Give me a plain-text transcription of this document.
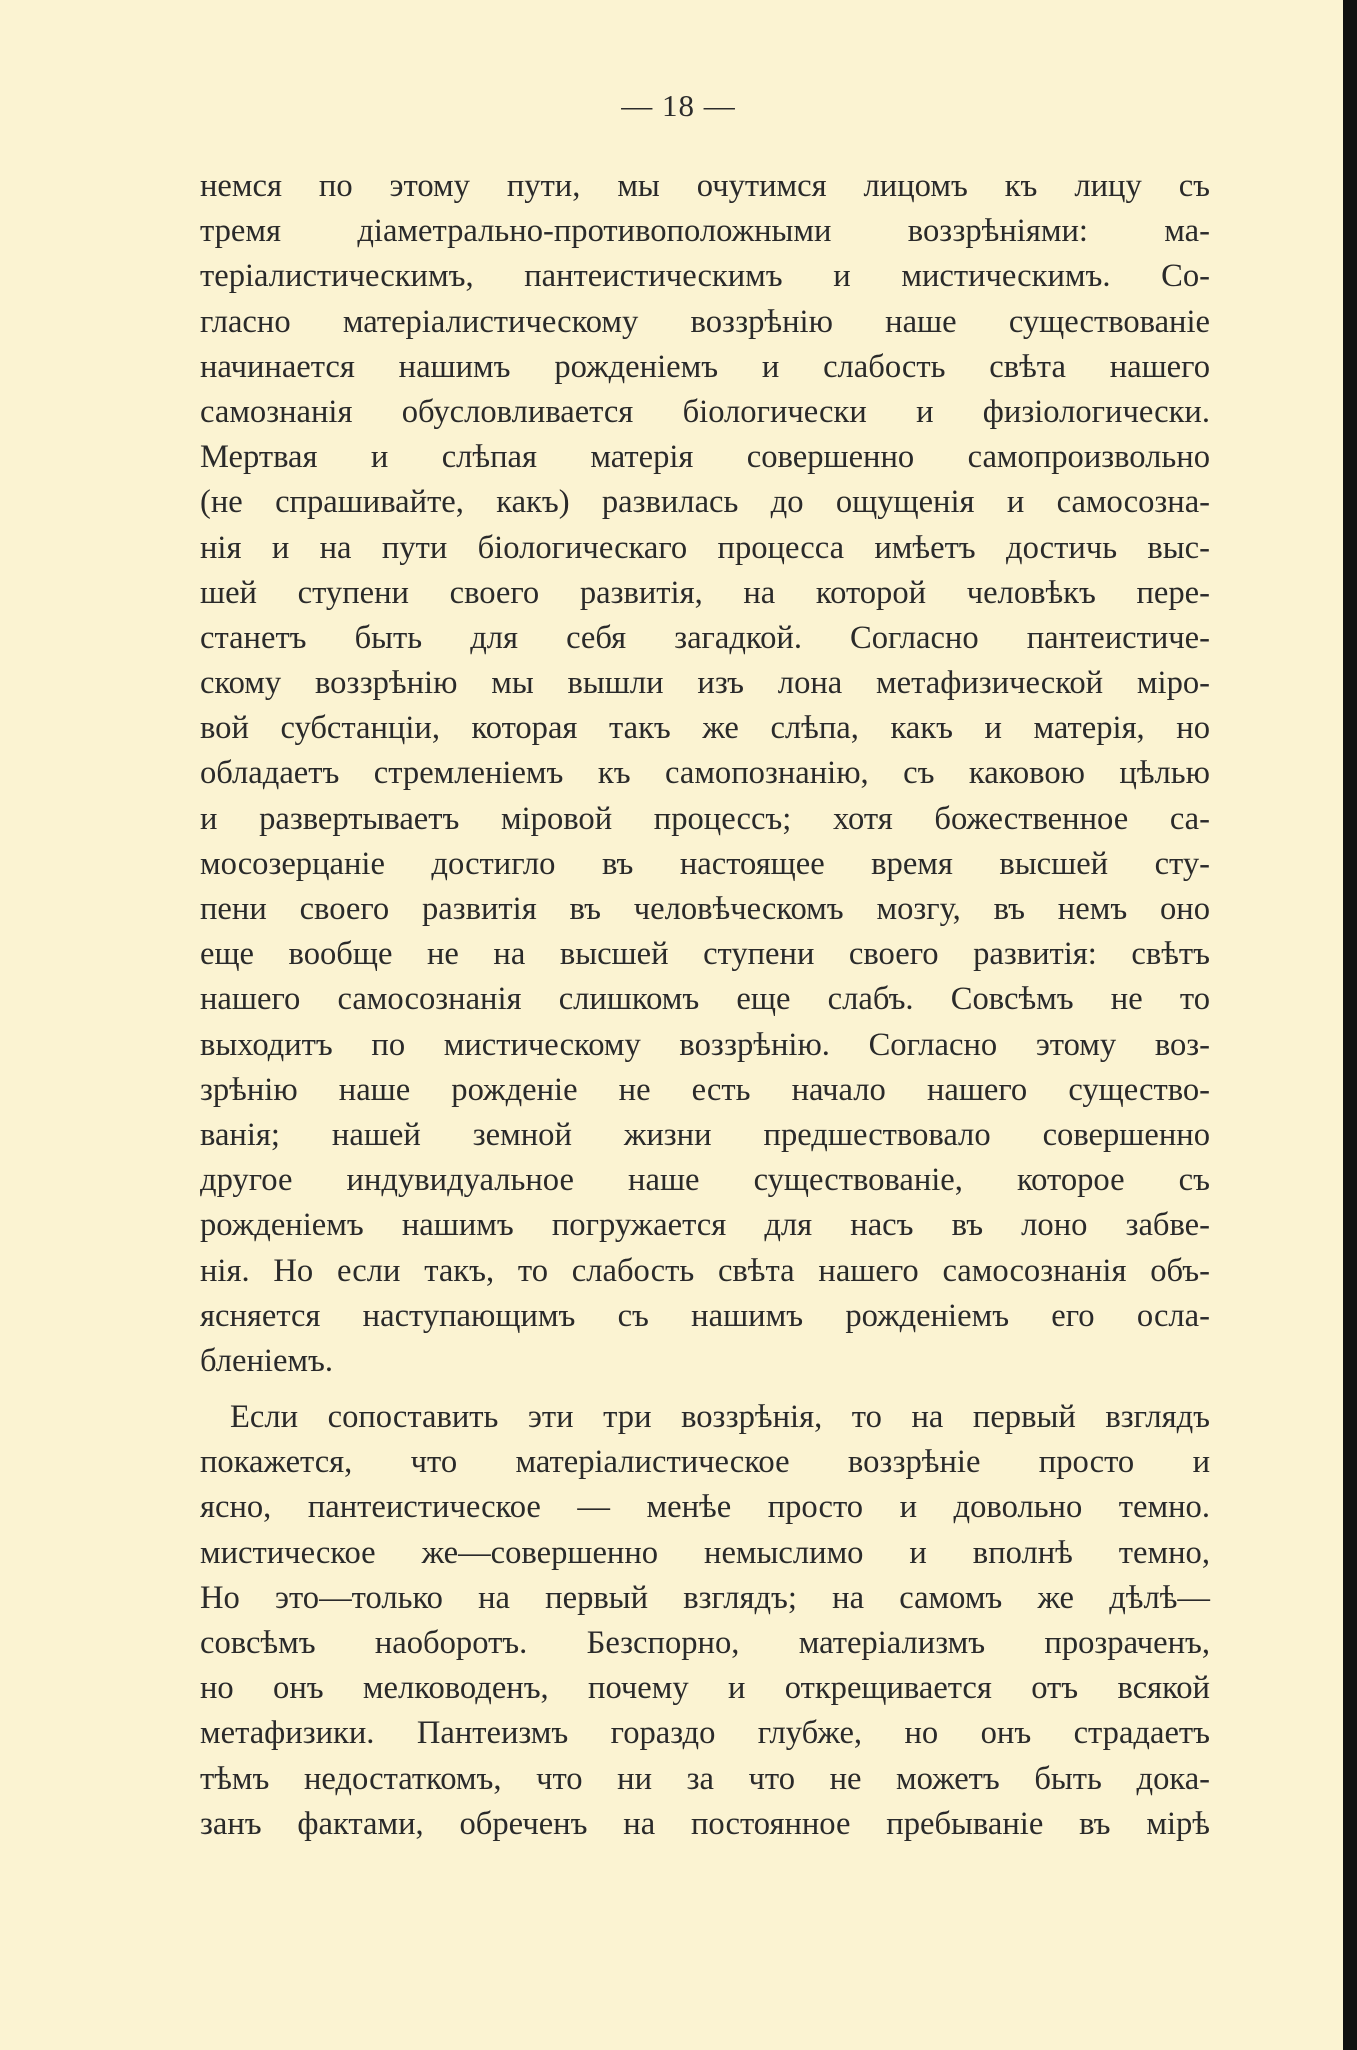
— 18 —
немся по этому пути, мы очутимся лицомъ къ лицу съ
тремя діаметрально-противоположными воззрѣніями: ма-
теріалистическимъ, пантеистическимъ и мистическимъ. Со-
гласно матеріалистическому воззрѣнію наше существованіе
начинается нашимъ рожденіемъ и слабость свѣта нашего
самознанія обусловливается біологически и физіологически.
Мертвая и слѣпая матерія совершенно самопроизвольно
(не спрашивайте, какъ) развилась до ощущенія и самосозна-
нія и на пути біологическаго процесса имѣетъ достичь выс-
шей ступени своего развитія, на которой человѣкъ пере-
станетъ быть для себя загадкой. Согласно пантеистиче-
скому воззрѣнію мы вышли изъ лона метафизической міро-
вой субстанціи, которая такъ же слѣпа, какъ и матерія, но
обладаетъ стремленіемъ къ самопознанію, съ каковою цѣлью
и развертываетъ міровой процессъ; хотя божественное са-
мосозерцаніе достигло въ настоящее время высшей сту-
пени своего развитія въ человѣческомъ мозгу, въ немъ оно
еще вообще не на высшей ступени своего развитія: свѣтъ
нашего самосознанія слишкомъ еще слабъ. Совсѣмъ не то
выходитъ по мистическому воззрѣнію. Согласно этому воз-
зрѣнію наше рожденіе не есть начало нашего существо-
ванія; нашей земной жизни предшествовало совершенно
другое индувидуальное наше существованіе, которое съ
рожденіемъ нашимъ погружается для насъ въ лоно забве-
нія. Но если такъ, то слабость свѣта нашего самосознанія объ-
ясняется наступающимъ съ нашимъ рожденіемъ его осла-
бленіемъ.
Если сопоставить эти три воззрѣнія, то на первый взглядъ
покажется, что матеріалистическое воззрѣніе просто и
ясно, пантеистическое — менѣе просто и довольно темно.
мистическое же—совершенно немыслимо и вполнѣ темно,
Но это—только на первый взглядъ; на самомъ же дѣлѣ—
совсѣмъ наоборотъ. Безспорно, матеріализмъ прозраченъ,
но онъ мелководенъ, почему и открещивается отъ всякой
метафизики. Пантеизмъ гораздо глубже, но онъ страдаетъ
тѣмъ недостаткомъ, что ни за что не можетъ быть дока-
занъ фактами, обреченъ на постоянное пребываніе въ мірѣ
